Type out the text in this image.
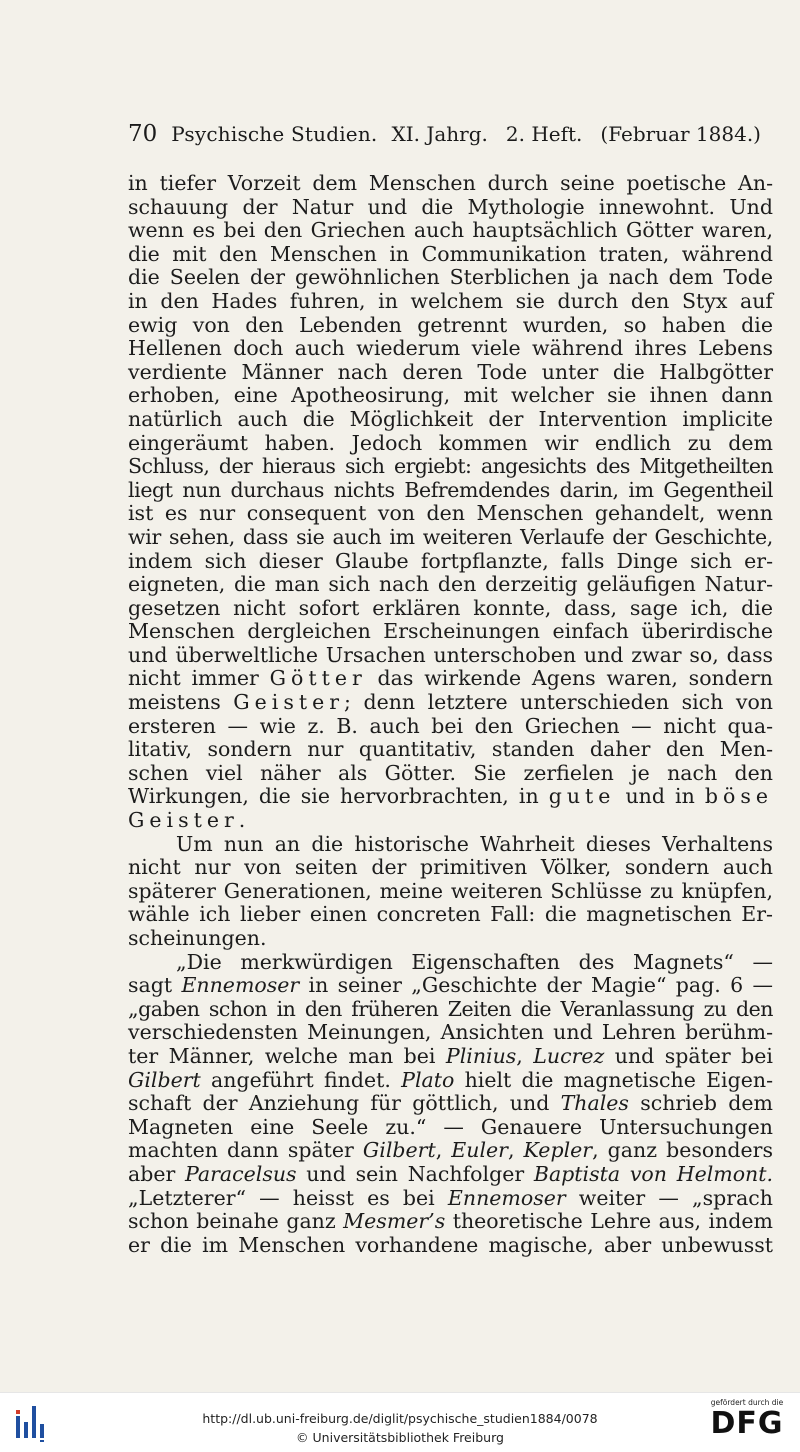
70 Psychische Studien. XI. Jahrg. 2. Heft. (Februar 1884.)
in tiefer Vorzeit dem Menschen durch seine poetische An-
schauung der Natur und die Mythologie innewohnt. Und
wenn es bei den Griechen auch hauptsächlich Götter waren,
die mit den Menschen in Communikation traten, während
die Seelen der gewöhnlichen Sterblichen ja nach dem Tode
in den Hades fuhren, in welchem sie durch den Styx auf
ewig von den Lebenden getrennt wurden, so haben die
Hellenen doch auch wiederum viele während ihres Lebens
verdiente Männer nach deren Tode unter die Halbgötter
erhoben, eine Apotheosirung, mit welcher sie ihnen dann
natürlich auch die Möglichkeit der Intervention implicite
eingeräumt haben. Jedoch kommen wir endlich zu dem
Schluss, der hieraus sich ergiebt: angesichts des Mitgetheilten
liegt nun durchaus nichts Befremdendes darin, im Gegentheil
ist es nur consequent von den Menschen gehandelt, wenn
wir sehen, dass sie auch im weiteren Verlaufe der Geschichte,
indem sich dieser Glaube fortpflanzte, falls Dinge sich er-
eigneten, die man sich nach den derzeitig geläufigen Natur-
gesetzen nicht sofort erklären konnte, dass, sage ich, die
Menschen dergleichen Erscheinungen einfach überirdische
und überweltliche Ursachen unterschoben und zwar so, dass
nicht immer Götter das wirkende Agens waren, sondern
meistens Geister; denn letztere unterschieden sich von
ersteren — wie z. B. auch bei den Griechen — nicht qua-
litativ, sondern nur quantitativ, standen daher den Men-
schen viel näher als Götter. Sie zerfielen je nach den
Wirkungen, die sie hervorbrachten, in gute und in böse
Geister.
Um nun an die historische Wahrheit dieses Verhaltens
nicht nur von seiten der primitiven Völker, sondern auch
späterer Generationen, meine weiteren Schlüsse zu knüpfen,
wähle ich lieber einen concreten Fall: die magnetischen Er-
scheinungen.
„Die merkwürdigen Eigenschaften des Magnets“ —
sagt Ennemoser in seiner „Geschichte der Magie“ pag. 6 —
„gaben schon in den früheren Zeiten die Veranlassung zu den
verschiedensten Meinungen, Ansichten und Lehren berühm-
ter Männer, welche man bei Plinius, Lucrez und später bei
Gilbert angeführt findet. Plato hielt die magnetische Eigen-
schaft der Anziehung für göttlich, und Thales schrieb dem
Magneten eine Seele zu.“ — Genauere Untersuchungen
machten dann später Gilbert, Euler, Kepler, ganz besonders
aber Paracelsus und sein Nachfolger Baptista von Helmont.
„Letzterer“ — heisst es bei Ennemoser weiter — „sprach
schon beinahe ganz Mesmer’s theoretische Lehre aus, indem
er die im Menschen vorhandene magische, aber unbewusst
http://dl.ub.uni-freiburg.de/diglit/psychische_studien1884/0078
© Universitätsbibliothek Freiburg
gefördert durch die
DFG
